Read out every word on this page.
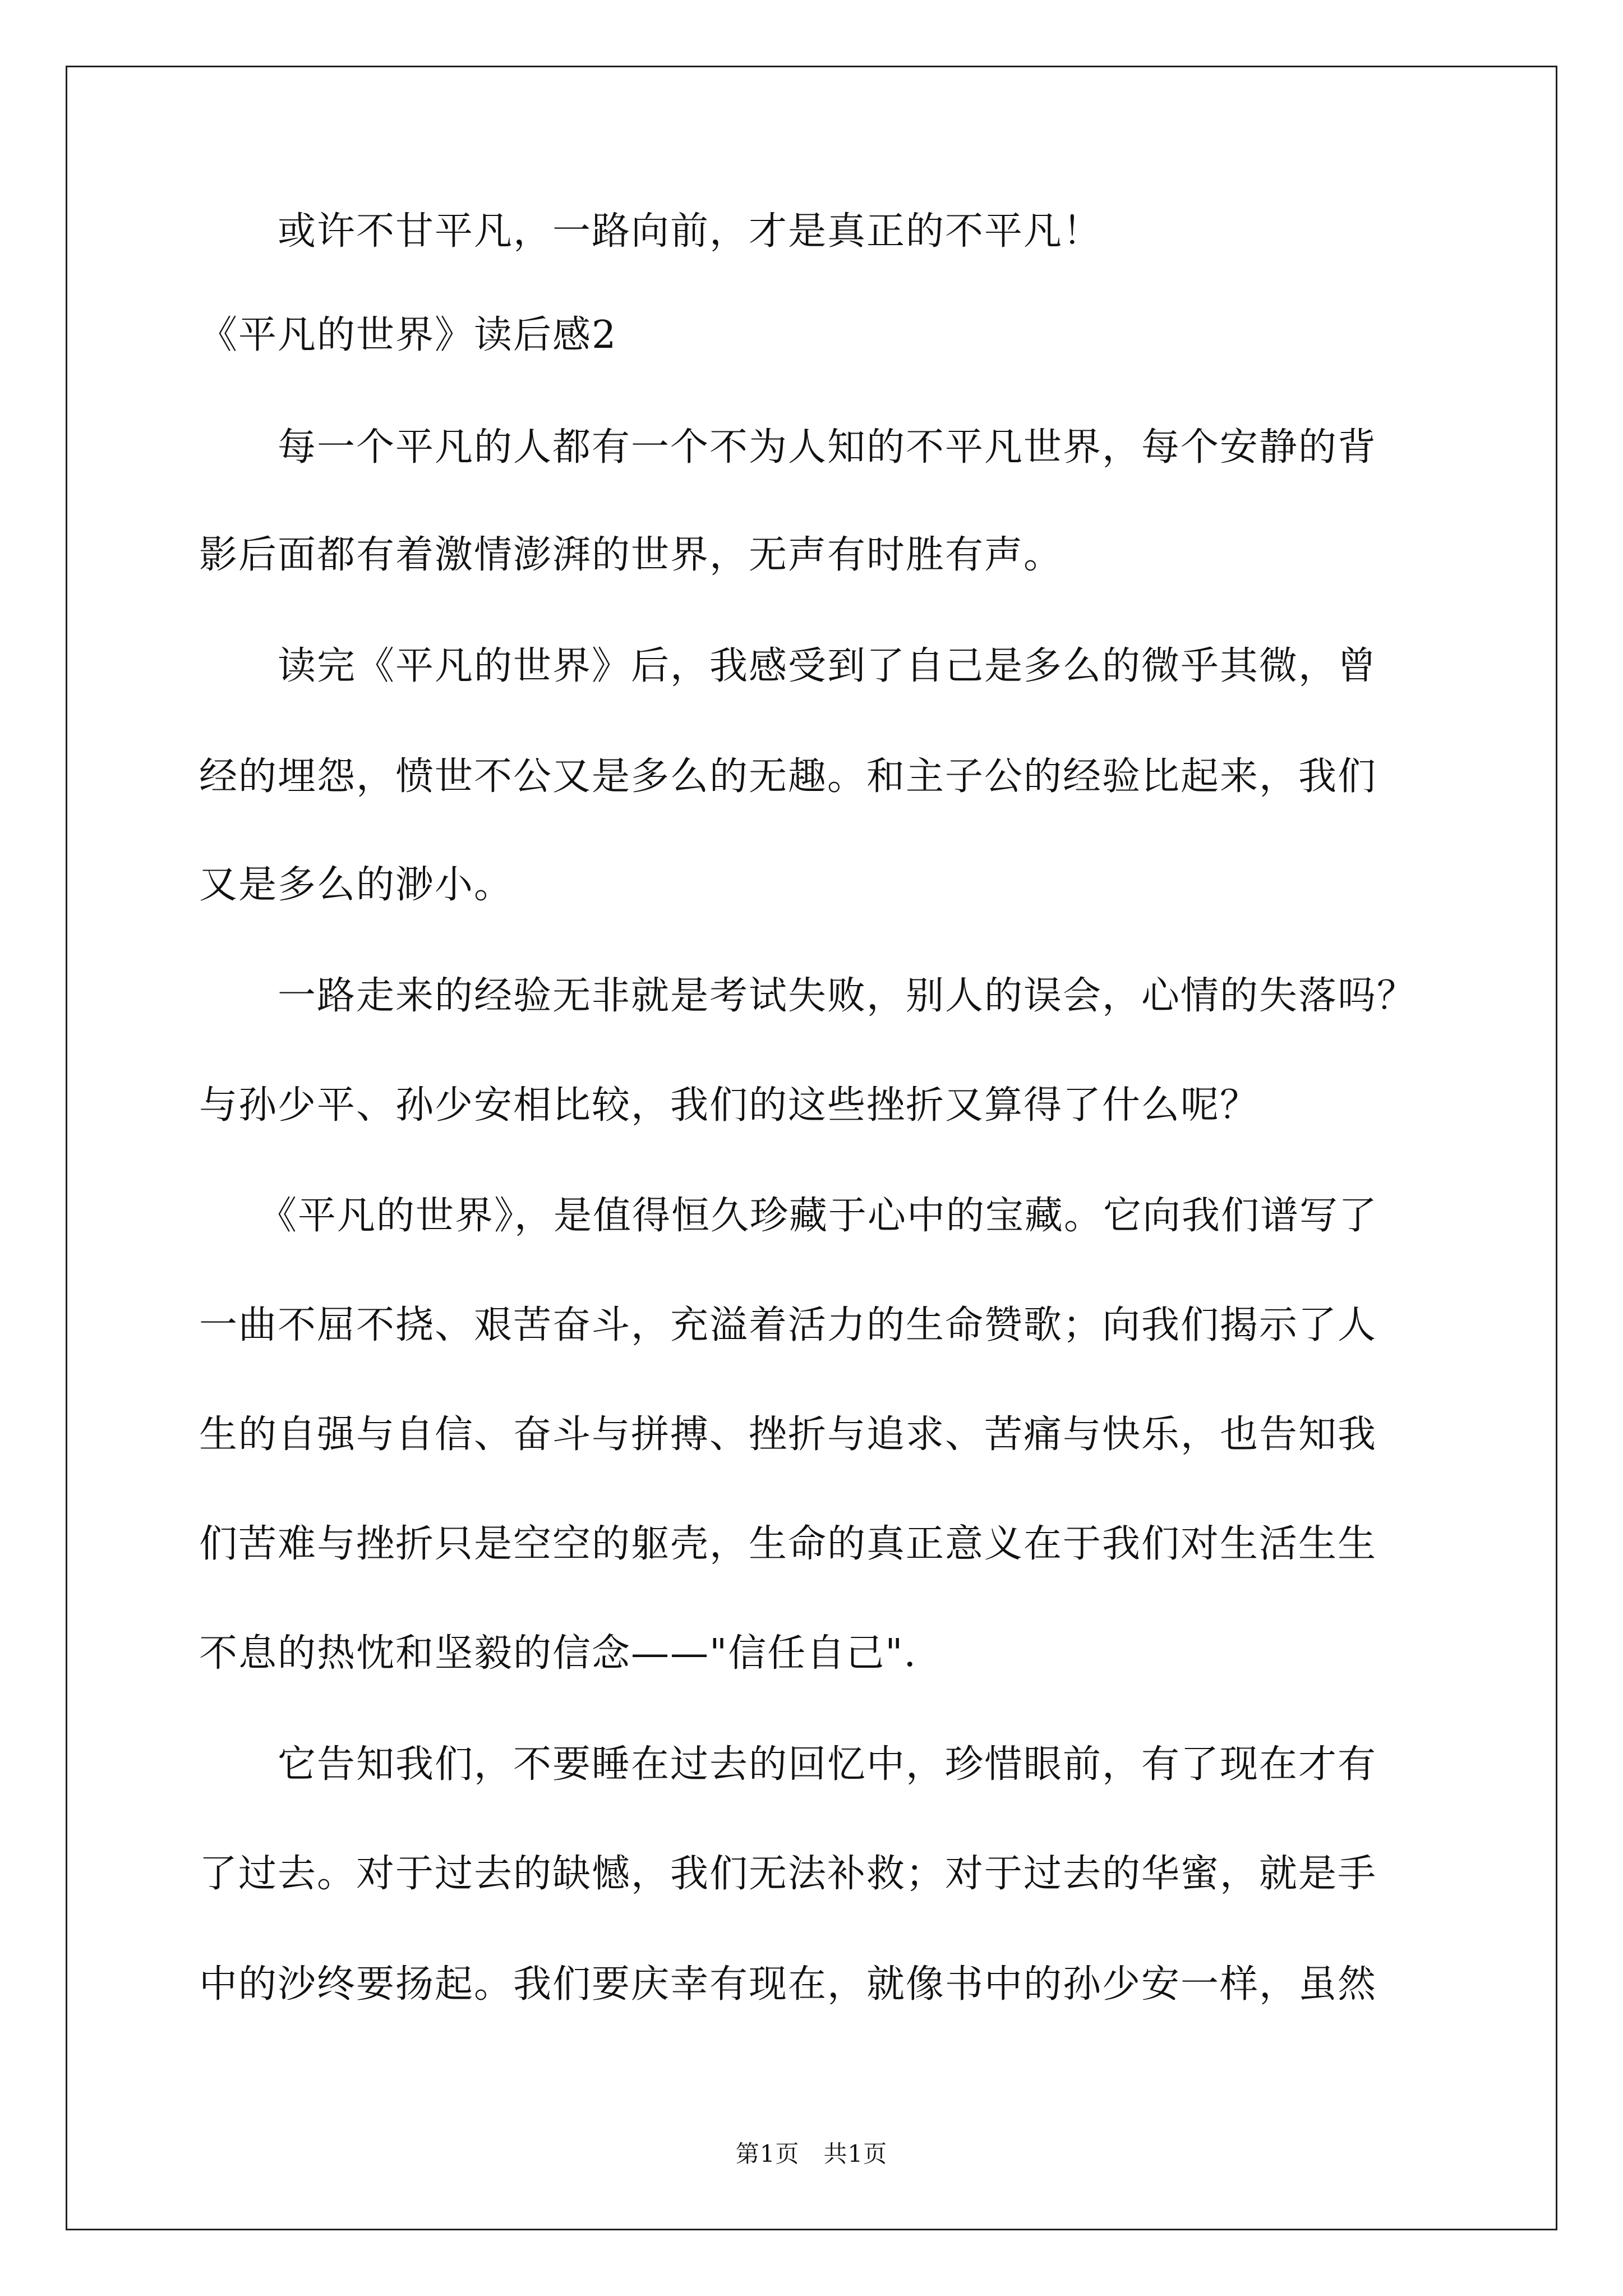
　　或许不甘平凡，一路向前，才是真正的不平凡！

《平凡的世界》读后感2

　　每一个平凡的人都有一个不为人知的不平凡世界，每个安静的背

影后面都有着激情澎湃的世界，无声有时胜有声。

　　读完《平凡的世界》后，我感受到了自己是多么的微乎其微，曾

经的埋怨，愤世不公又是多么的无趣。和主子公的经验比起来，我们

又是多么的渺小。

　　一路走来的经验无非就是考试失败，别人的误会，心情的失落吗？

与孙少平、孙少安相比较，我们的这些挫折又算得了什么呢？

　　《平凡的世界》，是值得恒久珍藏于心中的宝藏。它向我们谱写了

一曲不屈不挠、艰苦奋斗，充溢着活力的生命赞歌；向我们揭示了人

生的自强与自信、奋斗与拼搏、挫折与追求、苦痛与快乐，也告知我

们苦难与挫折只是空空的躯壳，生命的真正意义在于我们对生活生生

不息的热忱和坚毅的信念——"信任自己".

　　它告知我们，不要睡在过去的回忆中，珍惜眼前，有了现在才有

了过去。对于过去的缺憾，我们无法补救；对于过去的华蜜，就是手

中的沙终要扬起。我们要庆幸有现在，就像书中的孙少安一样，虽然

第1页　共1页
